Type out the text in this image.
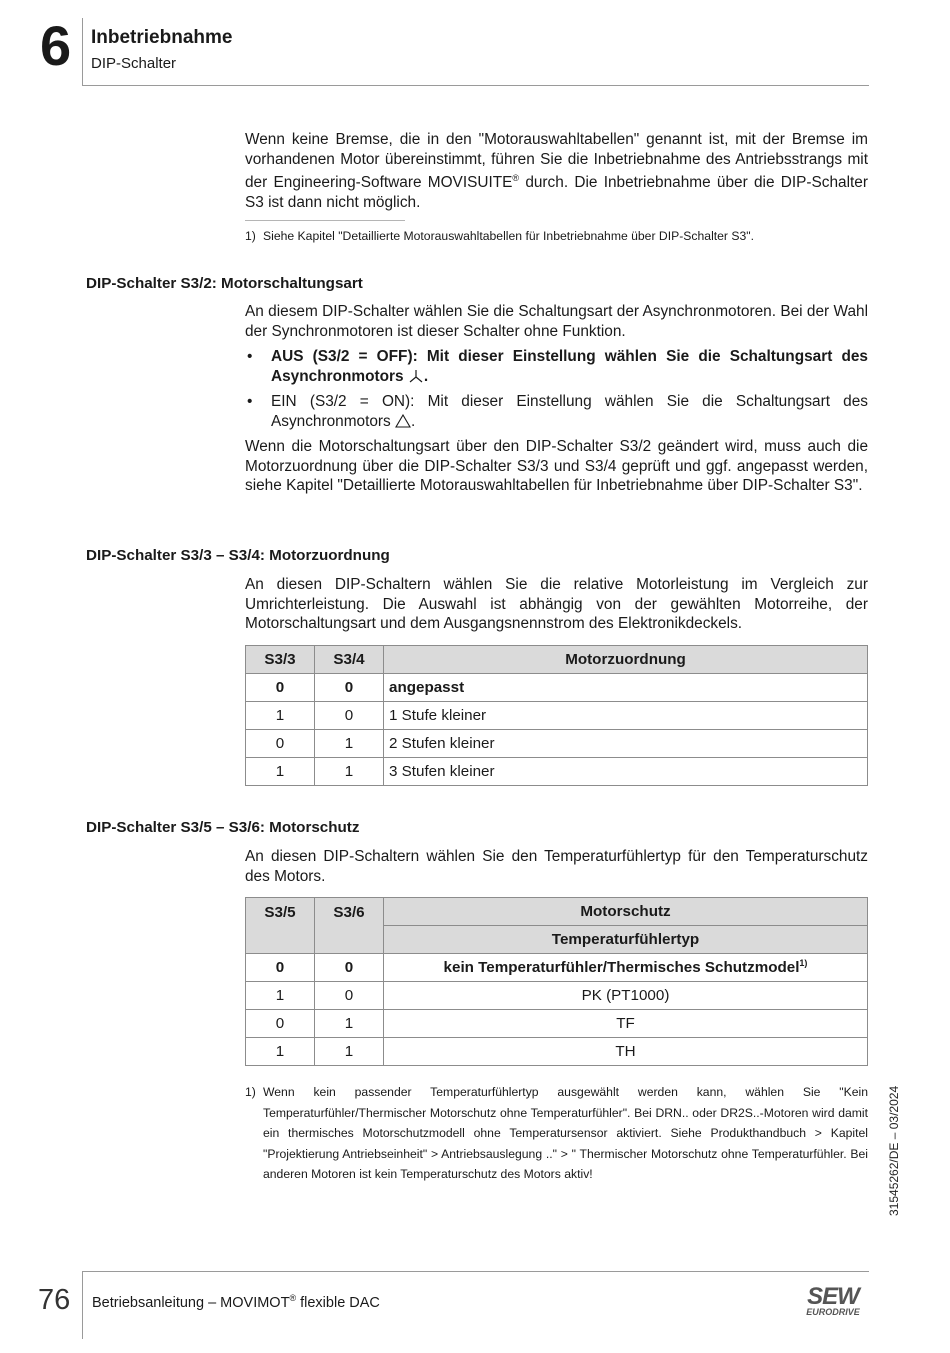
6 Inbetriebnahme
DIP-Schalter

Wenn keine Bremse, die in den "Motorauswahltabellen" genannt ist, mit der Bremse im vorhandenen Motor übereinstimmt, führen Sie die Inbetriebnahme des Antriebsstrangs mit der Engineering-Software MOVISUITE® durch. Die Inbetriebnahme über die DIP-Schalter S3 ist dann nicht möglich.

1) Siehe Kapitel "Detaillierte Motorauswahltabellen für Inbetriebnahme über DIP-Schalter S3".
DIP-Schalter S3/2: Motorschaltungsart

An diesem DIP-Schalter wählen Sie die Schaltungsart der Asynchronmotoren. Bei der Wahl der Synchronmotoren ist dieser Schalter ohne Funktion.

• AUS (S3/2 = OFF): Mit dieser Einstellung wählen Sie die Schaltungsart des Asynchronmotors .
• EIN (S3/2 = ON): Mit dieser Einstellung wählen Sie die Schaltungsart des Asynchronmotors .

Wenn die Motorschaltungsart über den DIP-Schalter S3/2 geändert wird, muss auch die Motorzuordnung über die DIP-Schalter S3/3 und S3/4 geprüft und ggf. angepasst werden, siehe Kapitel "Detaillierte Motorauswahltabellen für Inbetriebnahme über DIP-Schalter S3".

DIP-Schalter S3/3 – S3/4: Motorzuordnung

An diesen DIP-Schaltern wählen Sie die relative Motorleistung im Vergleich zur Umrichterleistung. Die Auswahl ist abhängig von der gewählten Motorreihe, der Motorschaltungsart und dem Ausgangsnennstrom des Elektronikdeckels.

S3/3	S3/4	Motorzuordnung
0	0	angepasst
1	0	1 Stufe kleiner
0	1	2 Stufen kleiner
1	1	3 Stufen kleiner
DIP-Schalter S3/5 – S3/6: Motorschutz

An diesen DIP-Schaltern wählen Sie den Temperaturfühlertyp für den Temperaturschutz des Motors.

S3/5	S3/6	Motorschutz
		Temperaturfühlertyp
0	0	kein Temperaturfühler/Thermisches Schutzmodel$^{1)}$
1	0	PK (PT1000)
0	1	TF
1	1	TH
1) Wenn kein passender Temperaturfühlertyp ausgewählt werden kann, wählen Sie "Kein Temperaturfühler/Thermischer Motorschutz ohne Temperaturfühler". Bei DRN.. oder DR2S..-Motoren wird damit ein thermisches Motorschutzmodell ohne Temperatursensor aktiviert. Siehe Produkthandbuch > Kapitel "Projektierung Antriebseinheit" > Antriebsauslegung .." > " Thermischer Motorschutz ohne Temperaturfühler. Bei anderen Motoren ist kein Temperaturschutz des Motors aktiv!	31545262/DE – 03/2024
76 Betriebsanleitung – MOVIMOT® flexible DAC	SEW
EURODRIVE
